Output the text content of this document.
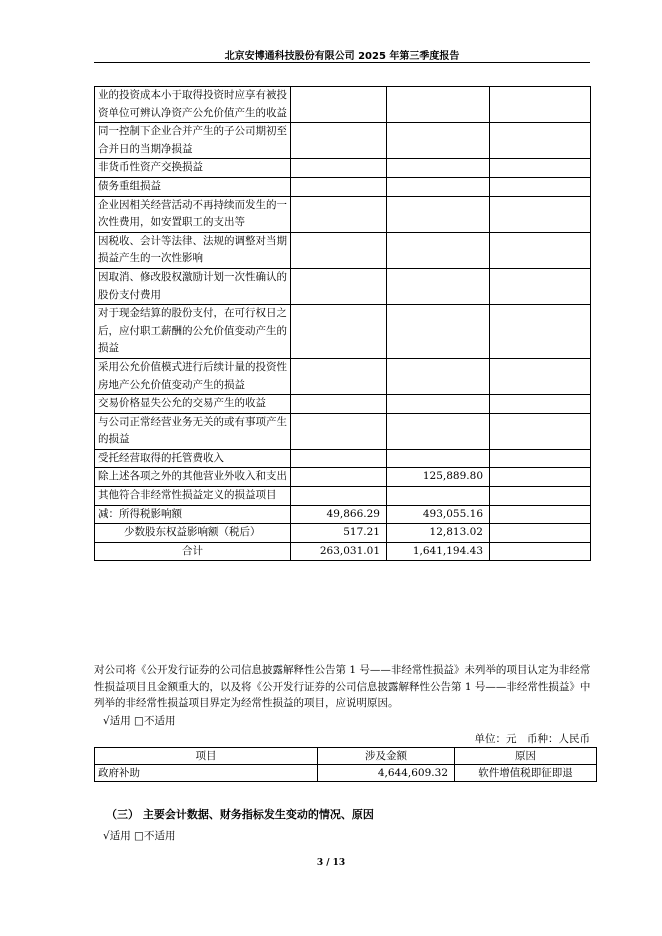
北京安博通科技股份有限公司 2025 年第三季度报告
业的投资成本小于取得投资时应享有被投资单位可辨认净资产公允价值产生的收益			
同一控制下企业合并产生的子公司期初至合并日的当期净损益			
非货币性资产交换损益			
债务重组损益			
企业因相关经营活动不再持续而发生的一次性费用，如安置职工的支出等			
因税收、会计等法律、法规的调整对当期损益产生的一次性影响			
因取消、修改股权激励计划一次性确认的股份支付费用			
对于现金结算的股份支付，在可行权日之后，应付职工薪酬的公允价值变动产生的损益			
采用公允价值模式进行后续计量的投资性房地产公允价值变动产生的损益			
交易价格显失公允的交易产生的收益			
与公司正常经营业务无关的或有事项产生的损益			
受托经营取得的托管费收入			
除上述各项之外的其他营业外收入和支出		125,889.80	
其他符合非经常性损益定义的损益项目			
减：所得税影响额	49,866.29	493,055.16	
少数股东权益影响额（税后）	517.21	12,813.02	
合计	263,031.01	1,641,194.43	
对公司将《公开发行证券的公司信息披露解释性公告第 1 号——非经常性损益》未列举的项目认定为非经常性损益项目且金额重大的，以及将《公开发行证券的公司信息披露解释性公告第 1 号——非经常性损益》中列举的非经常性损益项目界定为经常性损益的项目，应说明原因。
√适用 □不适用
单位：元　币种：人民币
项目	涉及金额	原因
政府补助	4,644,609.32	软件增值税即征即退
（三） 主要会计数据、财务指标发生变动的情况、原因
√适用 □不适用
3 / 13
